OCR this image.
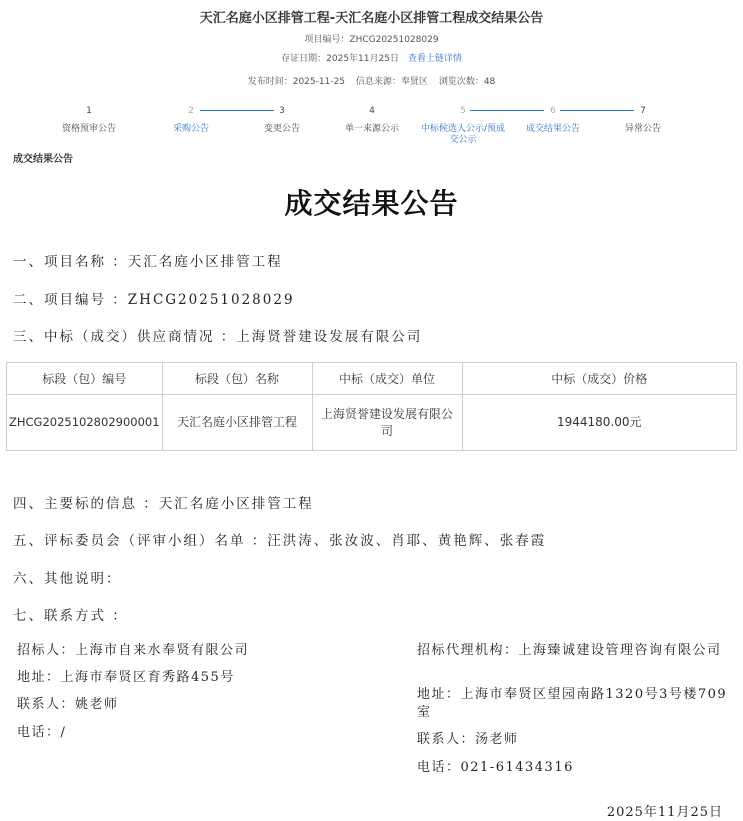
天汇名庭小区排管工程-天汇名庭小区排管工程成交结果公告
项目编号：ZHCG20251028029
存证日期：2025年11月25日 查看上链详情
发布时间：2025-11-25 信息来源：奉贤区 浏览次数：48
1
资格预审公告
2
采购公告
3
变更公告
4
单一来源公示
5
中标候选人公示/预成交公示
6
成交结果公告
7
异常公告
成交结果公告
成交结果公告
一、项目名称 ：天汇名庭小区排管工程
二、项目编号 ：ZHCG20251028029
三、中标（成交）供应商情况 ：上海贤誉建设发展有限公司
标段（包）编号	标段（包）名称	中标（成交）单位	中标（成交）价格
ZHCG2025102802900001	天汇名庭小区排管工程	上海贤誉建设发展有限公司	1944180.00元
四、主要标的信息 ：天汇名庭小区排管工程
五、评标委员会（评审小组）名单 ：汪洪涛、张汝波、肖耶、黄艳辉、张春霞
六、其他说明：
七、联系方式 ：
招标人：上海市自来水奉贤有限公司
地址：上海市奉贤区育秀路455号
联系人：姚老师
电话：/
招标代理机构：上海臻诚建设管理咨询有限公司
地址：上海市奉贤区望园南路1320号3号楼709室
联系人：汤老师
电话：021-61434316
2025年11月25日
